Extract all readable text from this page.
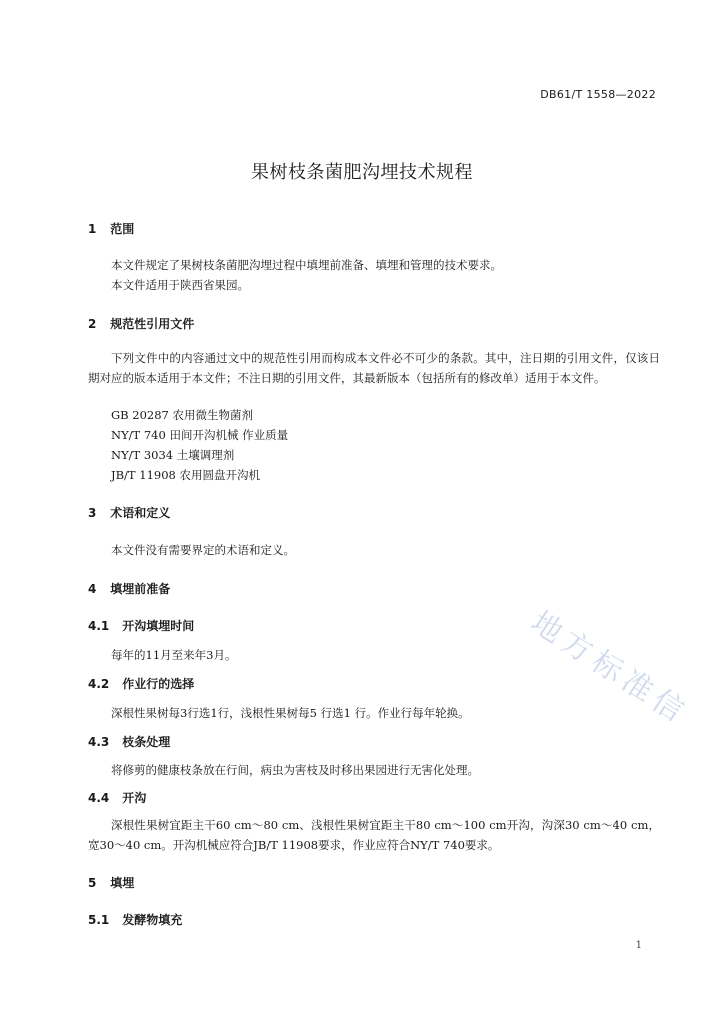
DB61/T 1558—2022
果树枝条菌肥沟埋技术规程
1 范围
本文件规定了果树枝条菌肥沟埋过程中填埋前准备、填埋和管理的技术要求。
本文件适用于陕西省果园。
2 规范性引用文件
下列文件中的内容通过文中的规范性引用而构成本文件必不可少的条款。其中，注日期的引用文件，仅该日期对应的版本适用于本文件；不注日期的引用文件，其最新版本（包括所有的修改单）适用于本文件。
GB 20287 农用微生物菌剂
NY/T 740 田间开沟机械 作业质量
NY/T 3034 土壤调理剂
JB/T 11908 农用圆盘开沟机
3 术语和定义
本文件没有需要界定的术语和定义。
4 填埋前准备
4.1 开沟填埋时间
每年的11月至来年3月。
4.2 作业行的选择
深根性果树每3行选1行，浅根性果树每5 行选1 行。作业行每年轮换。
4.3 枝条处理
将修剪的健康枝条放在行间，病虫为害枝及时移出果园进行无害化处理。
4.4 开沟
深根性果树宜距主干60 cm～80 cm、浅根性果树宜距主干80 cm～100 cm开沟，沟深30 cm～40 cm，宽30～40 cm。开沟机械应符合JB/T 11908要求，作业应符合NY/T 740要求。
5 填埋
5.1 发酵物填充
1
地方标准信
